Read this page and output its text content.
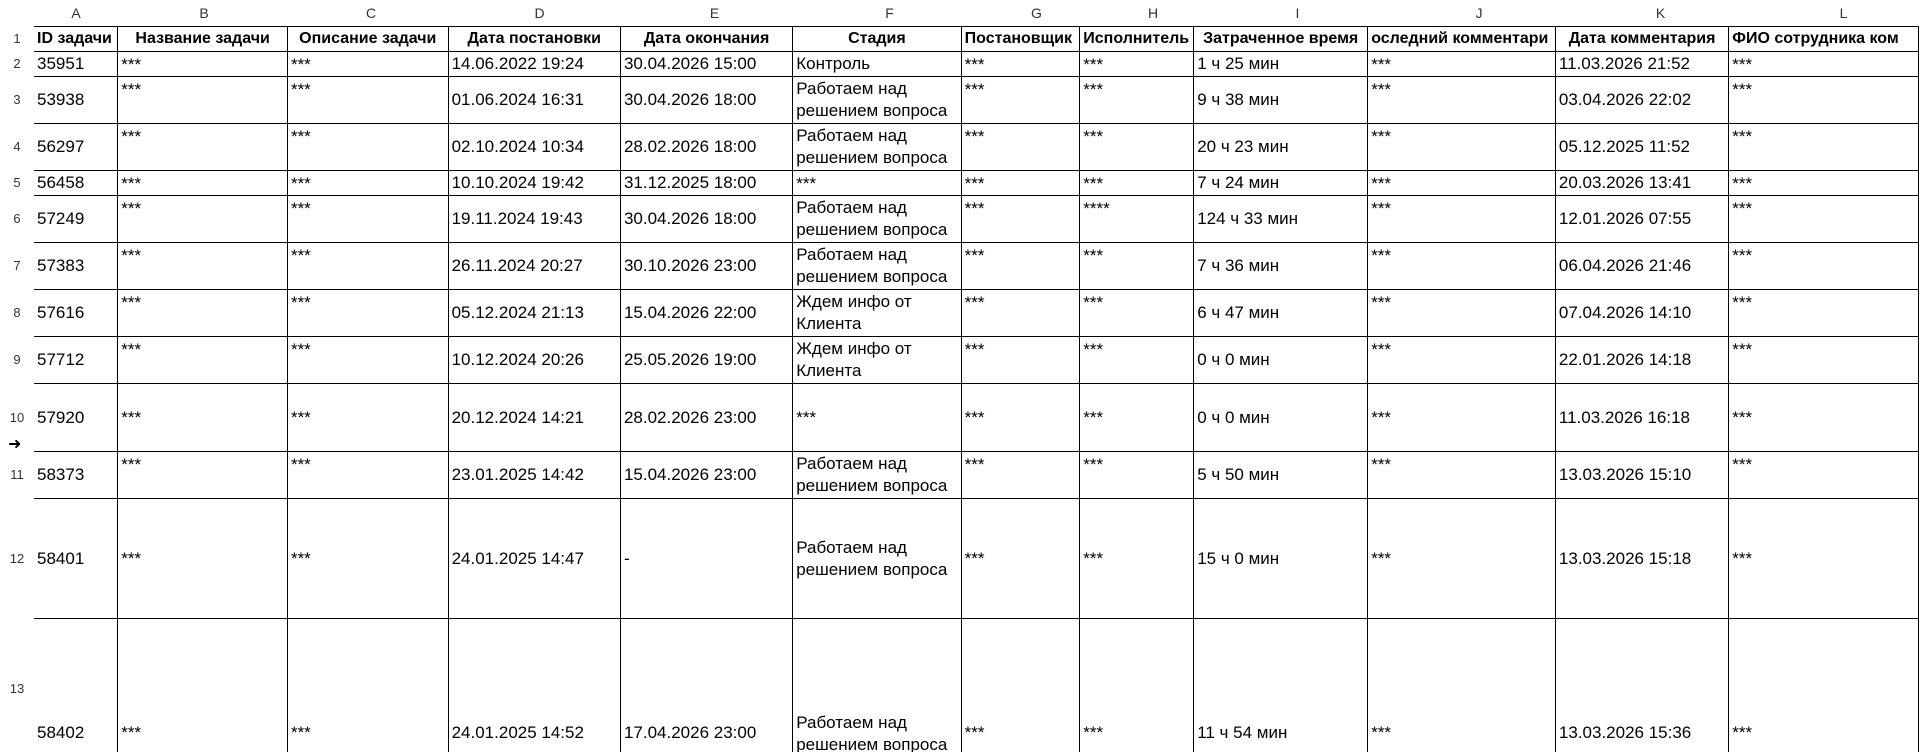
A	B	C	D	E	F	G	H	I	J	K	L
1
2
3
4
5
6
7
8
9
10
11
12
13
➜
ID задачи	Название задачи	Описание задачи	Дата постановки	Дата окончания	Стадия	Постановщик	Исполнитель	Затраченное время	оследний комментари	Дата комментария	ФИО сотрудника ком
35951	***	***	14.06.2022 19:24	30.04.2026 15:00	Контроль	***	***	1 ч 25 мин	***	11.03.2026 21:52	***
53938	***	***	01.06.2024 16:31	30.04.2026 18:00	Работаем над решением вопроса	***	***	9 ч 38 мин	***	03.04.2026 22:02	***
56297	***	***	02.10.2024 10:34	28.02.2026 18:00	Работаем над решением вопроса	***	***	20 ч 23 мин	***	05.12.2025 11:52	***
56458	***	***	10.10.2024 19:42	31.12.2025 18:00	***	***	***	7 ч 24 мин	***	20.03.2026 13:41	***
57249	***	***	19.11.2024 19:43	30.04.2026 18:00	Работаем над решением вопроса	***	****	124 ч 33 мин	***	12.01.2026 07:55	***
57383	***	***	26.11.2024 20:27	30.10.2026 23:00	Работаем над решением вопроса	***	***	7 ч 36 мин	***	06.04.2026 21:46	***
57616	***	***	05.12.2024 21:13	15.04.2026 22:00	Ждем инфо от Клиента	***	***	6 ч 47 мин	***	07.04.2026 14:10	***
57712	***	***	10.12.2024 20:26	25.05.2026 19:00	Ждем инфо от Клиента	***	***	0 ч 0 мин	***	22.01.2026 14:18	***
57920	***	***	20.12.2024 14:21	28.02.2026 23:00	***	***	***	0 ч 0 мин	***	11.03.2026 16:18	***
58373	***	***	23.01.2025 14:42	15.04.2026 23:00	Работаем над решением вопроса	***	***	5 ч 50 мин	***	13.03.2026 15:10	***
58401	***	***	24.01.2025 14:47	-	Работаем над решением вопроса	***	***	15 ч 0 мин	***	13.03.2026 15:18	***
58402	***	***	24.01.2025 14:52	17.04.2026 23:00	Работаем над решением вопроса	***	***	11 ч 54 мин	***	13.03.2026 15:36	***
